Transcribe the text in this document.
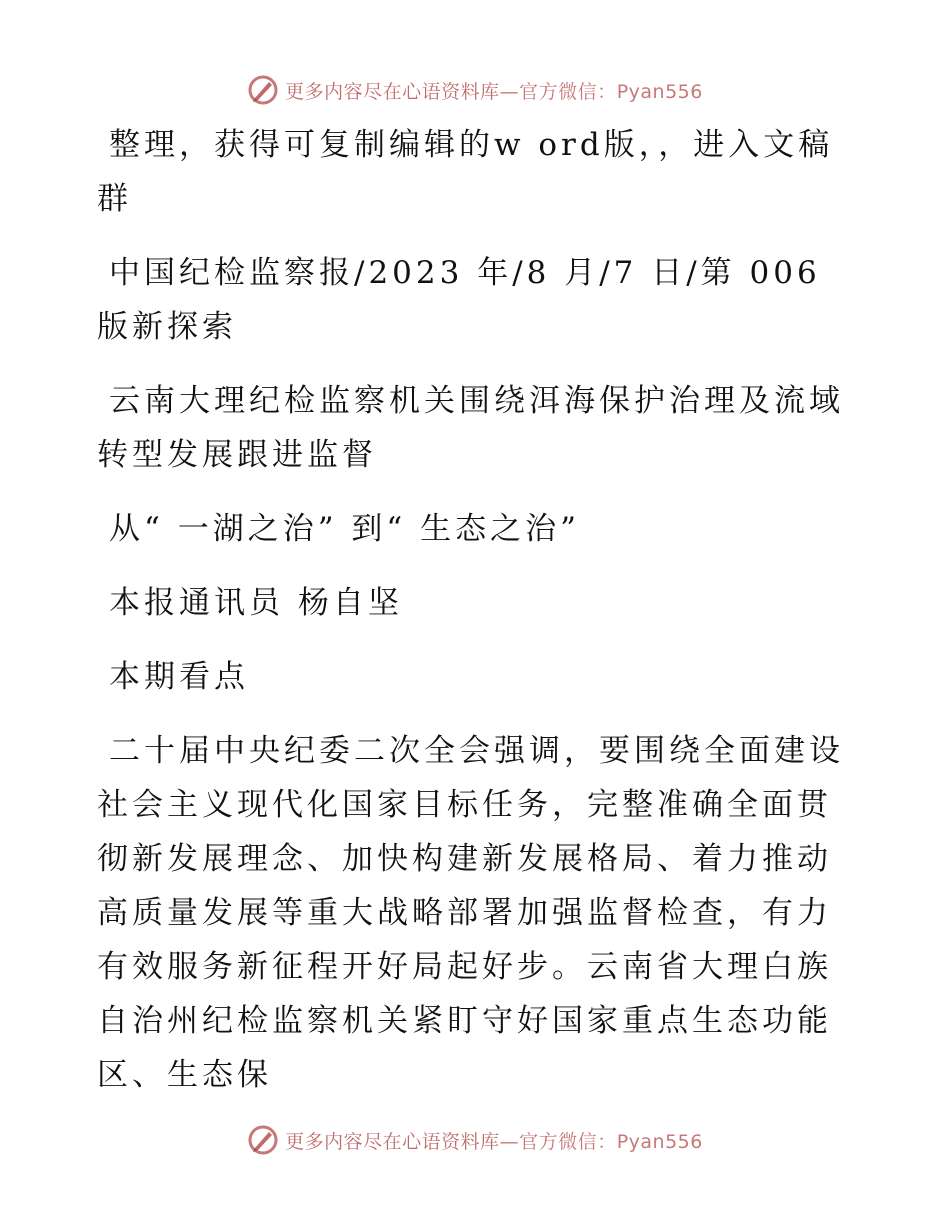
更多内容尽在心语资料库—官方微信：Pyan556

整理，获得可复制编辑的w ord版，，进入文稿群

中国纪检监察报/2023 年/8 月/7 日/第 006 版新探索

云南大理纪检监察机关围绕洱海保护治理及流域转型发展跟进监督

从“ 一湖之治” 到“ 生态之治”

本报通讯员 杨自坚

本期看点

二十届中央纪委二次全会强调，要围绕全面建设社会主义现代化国家目标任务，完整准确全面贯彻新发展理念、加快构建新发展格局、着力推动高质量发展等重大战略部署加强监督检查，有力有效服务新征程开好局起好步。云南省大理白族自治州纪检监察机关紧盯守好国家重点生态功能区、生态保

更多内容尽在心语资料库—官方微信：Pyan556
